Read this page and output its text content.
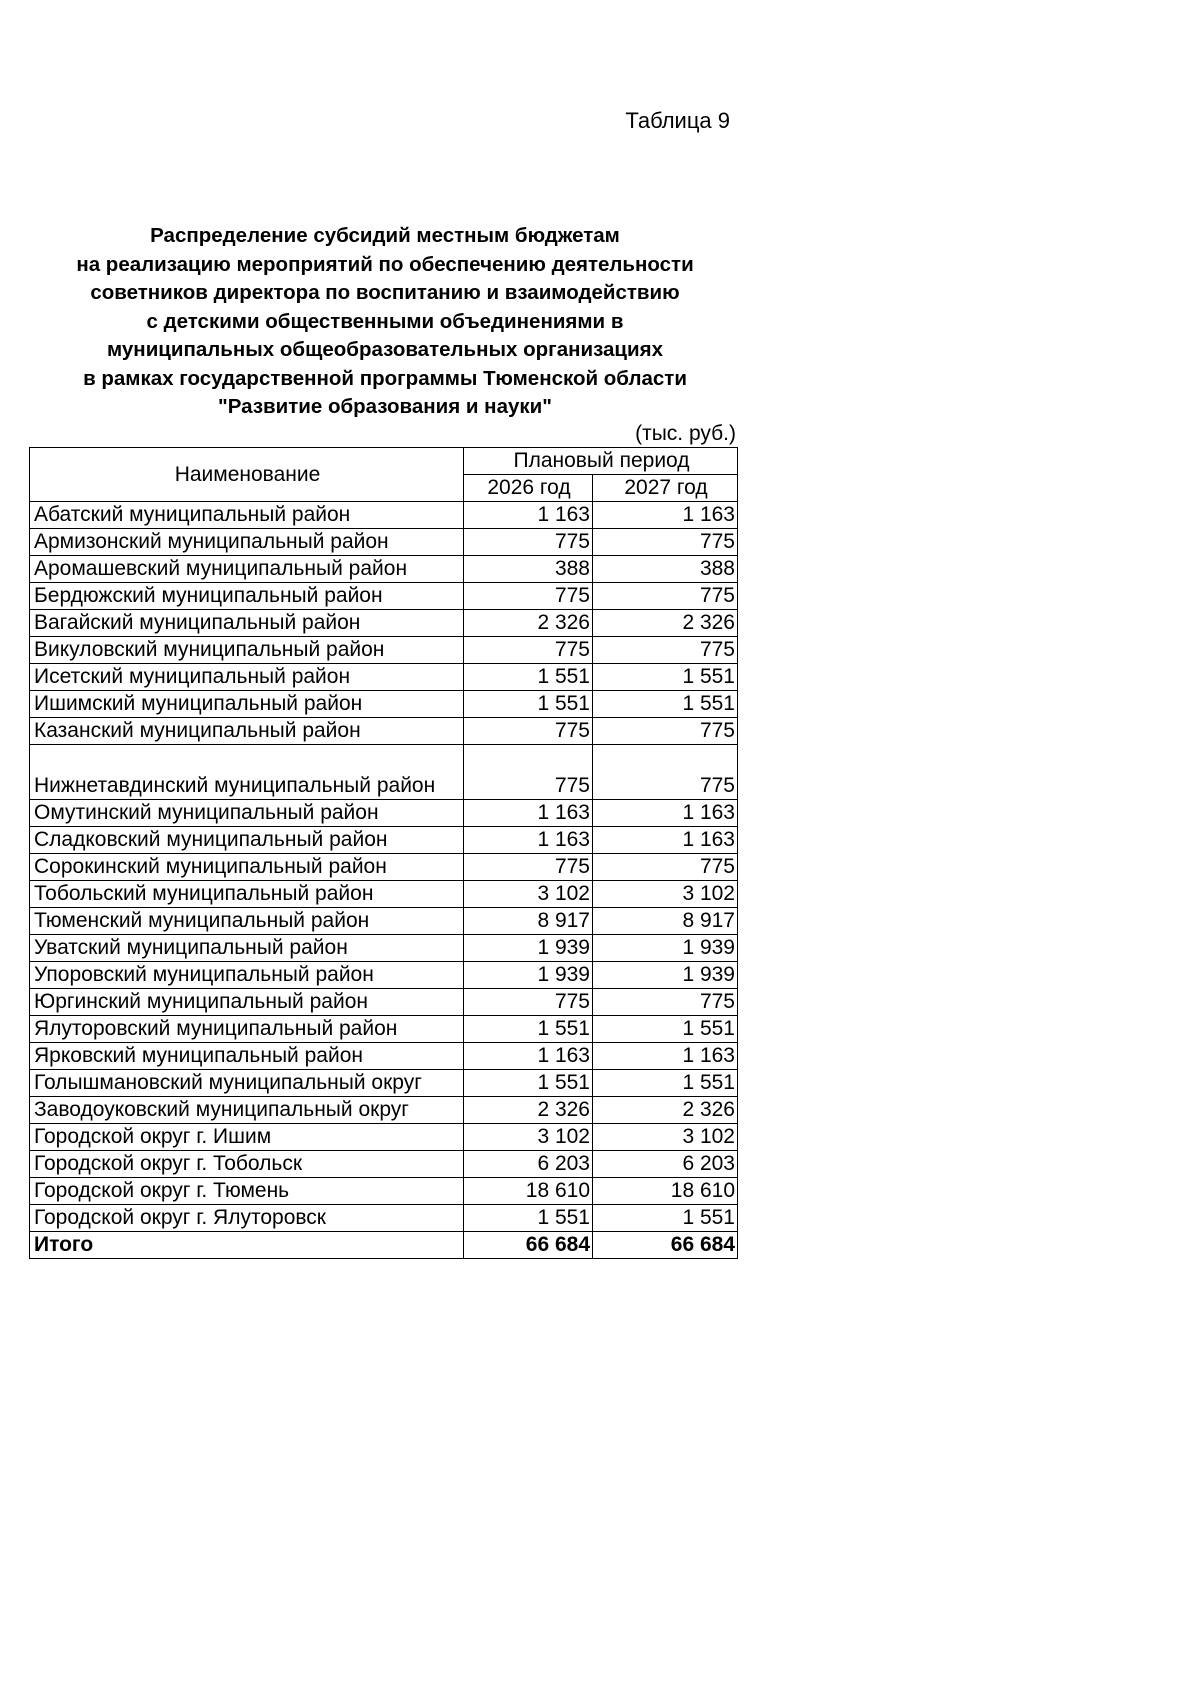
Таблица 9
Распределение субсидий местным бюджетам
на реализацию мероприятий по обеспечению деятельности
советников директора по воспитанию и взаимодействию
с детскими общественными объединениями в
муниципальных общеобразовательных организациях
в рамках государственной программы Тюменской области
"Развитие образования и науки"
(тыс. руб.)
Наименование	Плановый период	
	2026 год	2027 год
Абатский муниципальный район	1 163	1 163
Армизонский муниципальный район	775	775
Аромашевский муниципальный район	388	388
Бердюжский муниципальный район	775	775
Вагайский муниципальный район	2 326	2 326
Викуловский муниципальный район	775	775
Исетский муниципальный район	1 551	1 551
Ишимский муниципальный район	1 551	1 551
Казанский муниципальный район	775	775
Нижнетавдинский муниципальный район	775	775
Омутинский муниципальный район	1 163	1 163
Сладковский муниципальный район	1 163	1 163
Сорокинский муниципальный район	775	775
Тобольский муниципальный район	3 102	3 102
Тюменский муниципальный район	8 917	8 917
Уватский муниципальный район	1 939	1 939
Упоровский муниципальный район	1 939	1 939
Юргинский муниципальный район	775	775
Ялуторовский муниципальный район	1 551	1 551
Ярковский муниципальный район	1 163	1 163
Голышмановский муниципальный округ	1 551	1 551
Заводоуковский муниципальный округ	2 326	2 326
Городской округ г. Ишим	3 102	3 102
Городской округ г. Тобольск	6 203	6 203
Городской округ г. Тюмень	18 610	18 610
Городской округ г. Ялуторовск	1 551	1 551
Итого	66 684	66 684
